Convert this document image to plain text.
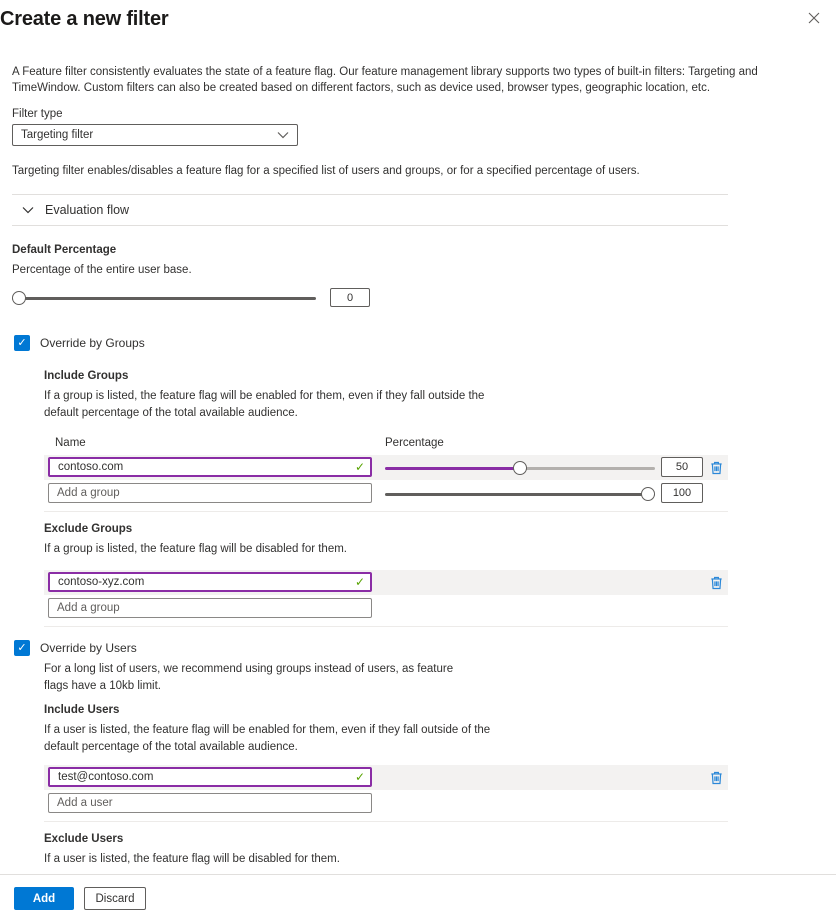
Create a new filter
A Feature filter consistently evaluates the state of a feature flag. Our feature management library supports two types of built-in filters: Targeting and TimeWindow. Custom filters can also be created based on different factors, such as device used, browser types, geographic location, etc.
Filter type
Targeting filter
Targeting filter enables/disables a feature flag for a specified list of users and groups, or for a specified percentage of users.
Evaluation flow
Default Percentage
Percentage of the entire user base.
0
✓ Override by Groups
Include Groups
If a group is listed, the feature flag will be enabled for them, even if they fall outside the default percentage of the total available audience.
Name	Percentage
contoso.com
✓
50
Add a group
100
Exclude Groups
If a group is listed, the feature flag will be disabled for them.
contoso-xyz.com
✓
Add a group
✓ Override by Users
For a long list of users, we recommend using groups instead of users, as feature flags have a 10kb limit.
Include Users
If a user is listed, the feature flag will be enabled for them, even if they fall outside of the default percentage of the total available audience.
test@contoso.com
✓
Add a user
Exclude Users
If a user is listed, the feature flag will be disabled for them.
testuser@contoso.com
Add a user
Add	Discard
